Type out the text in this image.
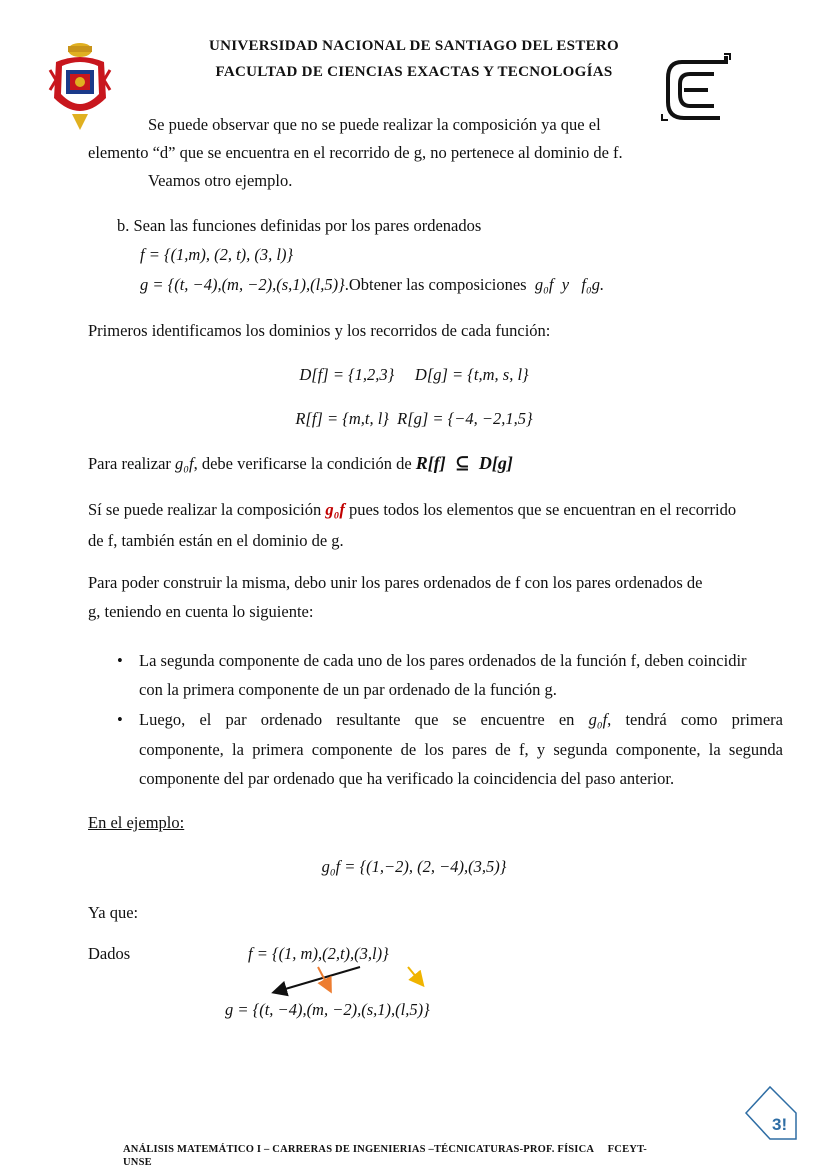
UNIVERSIDAD NACIONAL DE SANTIAGO DEL ESTERO
FACULTAD DE CIENCIAS EXACTAS Y TECNOLOGÍAS
Se puede observar que no se puede realizar la composición ya que el
elemento “d” que se encuentra en el recorrido de g, no pertenece al dominio de f.
Veamos otro ejemplo.
b. Sean las funciones definidas por los pares ordenados
f = {(1,m), (2, t), (3, l)}
g = {(t, −4),(m, −2),(s,1),(l,5)}.Obtener las composiciones  g₀f y f₀g.
Primeros identificamos los dominios y los recorridos de cada función:
D[f] = {1,2,3}     D[g] = {t,m, s, l}
R[f] = {m,t, l}  R[g] = {−4, −2,1,5}
Para realizar g₀f, debe verificarse la condición de R[f]  ⊆  D[g]
Sí se puede realizar la composición g₀f pues todos los elementos que se encuentran en el recorrido
de f, también están en el dominio de g.
Para poder construir la misma, debo unir los pares ordenados de f con los pares ordenados de
g, teniendo en cuenta lo siguiente:
• La segunda componente de cada uno de los pares ordenados de la función f, deben coincidir
con la primera componente de un par ordenado de la función g.
• Luego, el par ordenado resultante que se encuentre en g₀f, tendrá como primera
componente, la primera componente de los pares de f, y segunda componente, la segunda
componente del par ordenado que ha verificado la coincidencia del paso anterior.
En el ejemplo:
g₀f = {(1,−2), (2, −4),(3,5)}
Ya que:
Dados	f = {(1, m),(2,t),(3,l)}
g = {(t, −4),(m, −2),(s,1),(l,5)}
3!
ANÁLISIS MATEMÁTICO I – CARRERAS DE INGENIERIAS –TÉCNICATURAS-PROF. FÍSICA     FCEYT-
UNSE
